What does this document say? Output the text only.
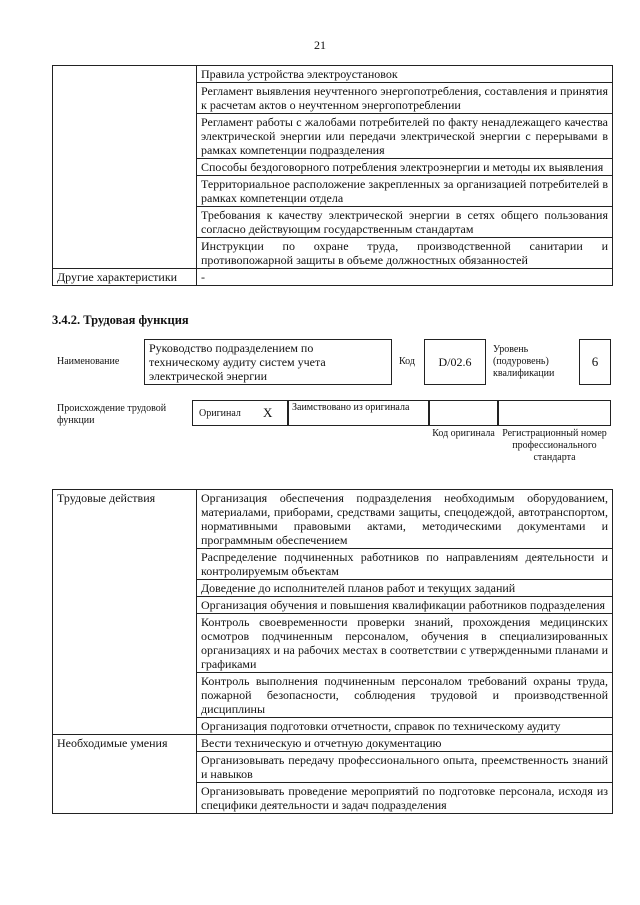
21
	Правила устройства электроустановок
	Регламент выявления неучтенного энергопотребления, составления и принятия к расчетам актов о неучтенном энергопотреблении
	Регламент работы с жалобами потребителей по факту ненадлежащего качества электрической энергии или передачи электрической энергии с перерывами в рамках компетенции подразделения
	Способы бездоговорного потребления электроэнергии и методы их выявления
	Территориальное расположение закрепленных за организацией потребителей в рамках компетенции отдела
	Требования к качеству электрической энергии в сетях общего пользования согласно действующим государственным стандартам
	Инструкции по охране труда, производственной санитарии и противопожарной защиты в объеме должностных обязанностей
Другие характеристики	-
3.4.2. Трудовая функция
Наименование
Руководство подразделением по техническому аудиту систем учета электрической энергии
Код	D/02.6
Уровень (подуровень) квалификации
6
Происхождение трудовой функции
Оригинал X	Заимствовано из оригинала
Код оригинала Регистрационный номер профессионального стандарта
Трудовые действия	Организация обеспечения подразделения необходимым оборудованием, материалами, приборами, средствами защиты, спецодеждой, автотранспортом, нормативными правовыми актами, методическими документами и программным обеспечением
	Распределение подчиненных работников по направлениям деятельности и контролируемым объектам
	Доведение до исполнителей планов работ и текущих заданий
	Организация обучения и повышения квалификации работников подразделения
	Контроль своевременности проверки знаний, прохождения медицинских осмотров подчиненным персоналом, обучения в специализированных организациях и на рабочих местах в соответствии с утвержденными планами и графиками
	Контроль выполнения подчиненным персоналом требований охраны труда, пожарной безопасности, соблюдения трудовой и производственной дисциплины
	Организация подготовки отчетности, справок по техническому аудиту
Необходимые умения	Вести техническую и отчетную документацию
	Организовывать передачу профессионального опыта, преемственность знаний и навыков
	Организовывать проведение мероприятий по подготовке персонала, исходя из специфики деятельности и задач подразделения
